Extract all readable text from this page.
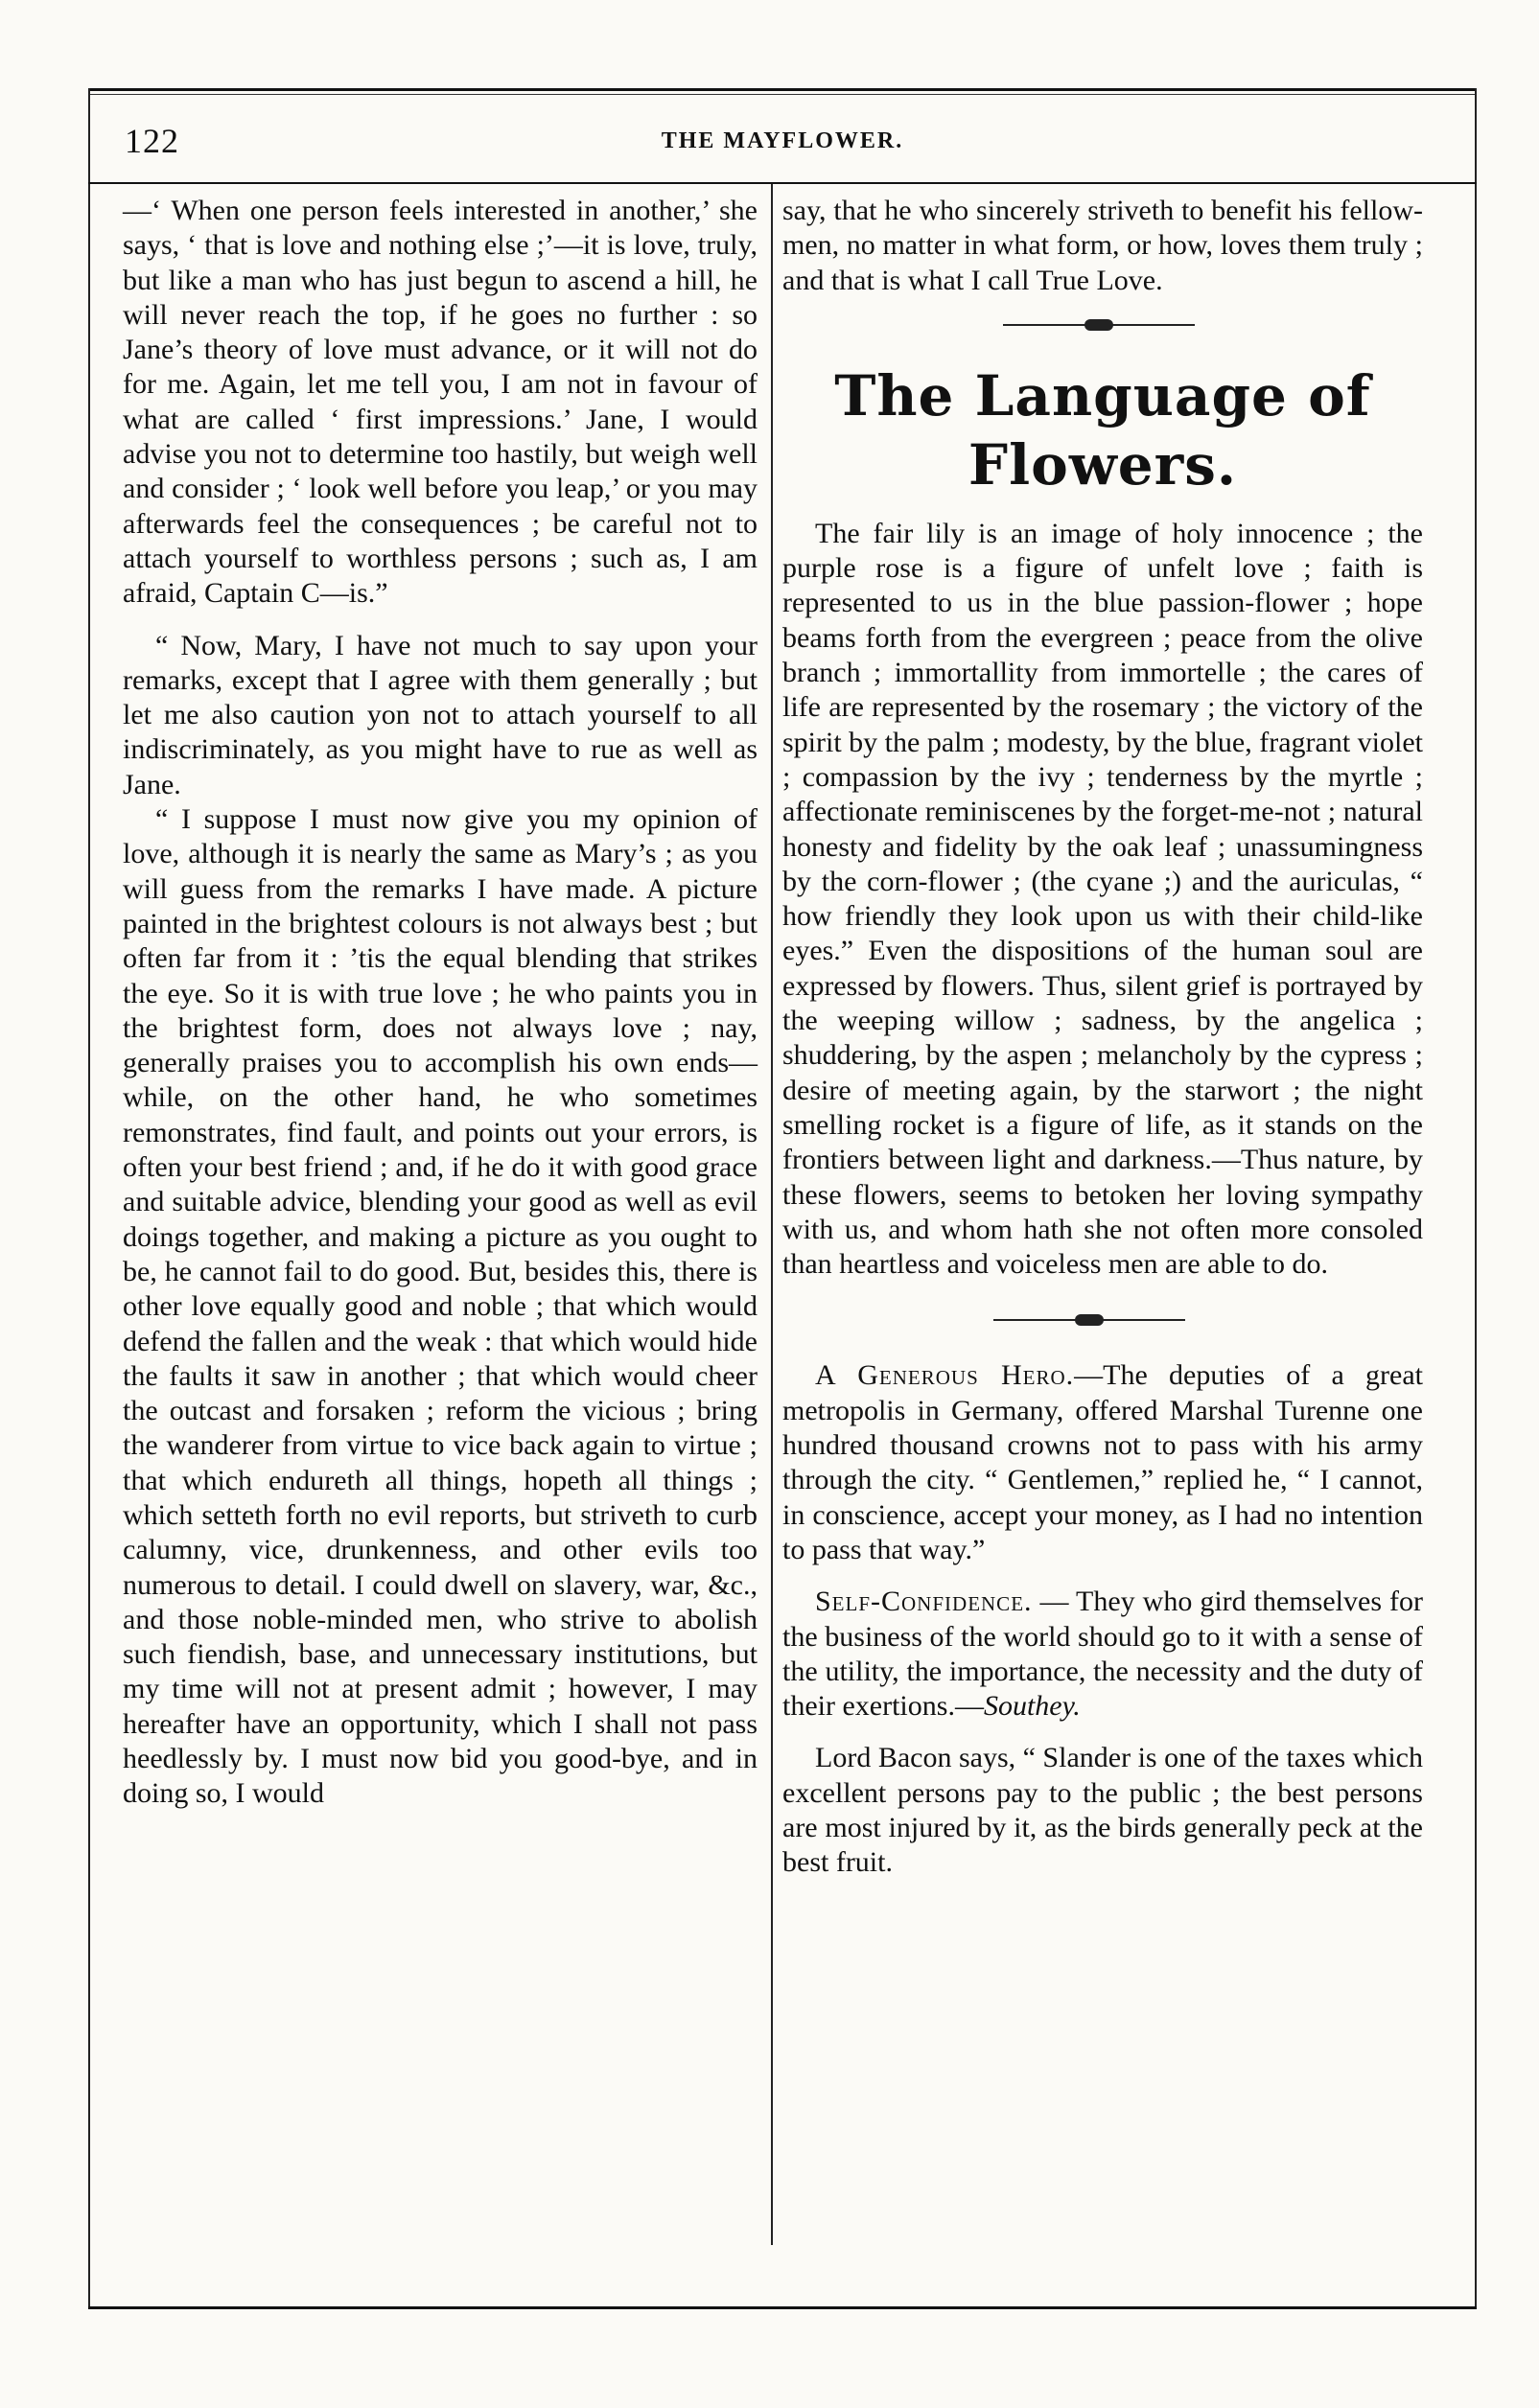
122	THE MAYFLOWER.

—‘ When one person feels interested in another,’ she says, ‘ that is love and nothing else ;’—it is love, truly, but like a man who has just begun to ascend a hill, he will never reach the top, if he goes no further : so Jane’s theory of love must advance, or it will not do for me. Again, let me tell you, I am not in favour of what are called ‘ first impressions.’ Jane, I would advise you not to determine too hastily, but weigh well and consider ; ‘ look well before you leap,’ or you may afterwards feel the consequences ; be careful not to attach yourself to worthless persons ; such as, I am afraid, Captain C—is.”

“ Now, Mary, I have not much to say upon your remarks, except that I agree with them generally ; but let me also caution yon not to attach yourself to all indiscriminately, as you might have to rue as well as Jane.

“ I suppose I must now give you my opinion of love, although it is nearly the same as Mary’s ; as you will guess from the remarks I have made. A picture painted in the brightest colours is not always best ; but often far from it : ’tis the equal blending that strikes the eye. So it is with true love ; he who paints you in the brightest form, does not always love ; nay, generally praises you to accomplish his own ends—while, on the other hand, he who sometimes remonstrates, find fault, and points out your errors, is often your best friend ; and, if he do it with good grace and suitable advice, blending your good as well as evil doings together, and making a picture as you ought to be, he cannot fail to do good. But, besides this, there is other love equally good and noble ; that which would defend the fallen and the weak : that which would hide the faults it saw in another ; that which would cheer the outcast and forsaken ; reform the vicious ; bring the wanderer from virtue to vice back again to virtue ; that which endureth all things, hopeth all things ; which setteth forth no evil reports, but striveth to curb calumny, vice, drunkenness, and other evils too numerous to detail. I could dwell on slavery, war, &c., and those noble-minded men, who strive to abolish such fiendish, base, and unnecessary institutions, but my time will not at present admit ; however, I may hereafter have an opportunity, which I shall not pass heedlessly by. I must now bid you good-bye, and in doing so, I would

say, that he who sincerely striveth to benefit his fellow-men, no matter in what form, or how, loves them truly ; and that is what I call True Love.

The Language of Flowers.

The fair lily is an image of holy innocence ; the purple rose is a figure of unfelt love ; faith is represented to us in the blue passion-flower ; hope beams forth from the evergreen ; peace from the olive branch ; immortallity from immortelle ; the cares of life are represented by the rosemary ; the victory of the spirit by the palm ; modesty, by the blue, fragrant violet ; compassion by the ivy ; tenderness by the myrtle ; affectionate reminiscenes by the forget-me-not ; natural honesty and fidelity by the oak leaf ; unassumingness by the corn-flower ; (the cyane ;) and the auriculas, “ how friendly they look upon us with their child-like eyes.” Even the dispositions of the human soul are expressed by flowers. Thus, silent grief is portrayed by the weeping willow ; sadness, by the angelica ; shuddering, by the aspen ; melancholy by the cypress ; desire of meeting again, by the starwort ; the night smelling rocket is a figure of life, as it stands on the frontiers between light and darkness.—Thus nature, by these flowers, seems to betoken her loving sympathy with us, and whom hath she not often more consoled than heartless and voiceless men are able to do.

A Generous Hero.—The deputies of a great metropolis in Germany, offered Marshal Turenne one hundred thousand crowns not to pass with his army through the city. “ Gentlemen,” replied he, “ I cannot, in conscience, accept your money, as I had no intention to pass that way.”

Self-Confidence. — They who gird themselves for the business of the world should go to it with a sense of the utility, the importance, the necessity and the duty of their exertions.—Southey.

Lord Bacon says, “ Slander is one of the taxes which excellent persons pay to the public ; the best persons are most injured by it, as the birds generally peck at the best fruit.
